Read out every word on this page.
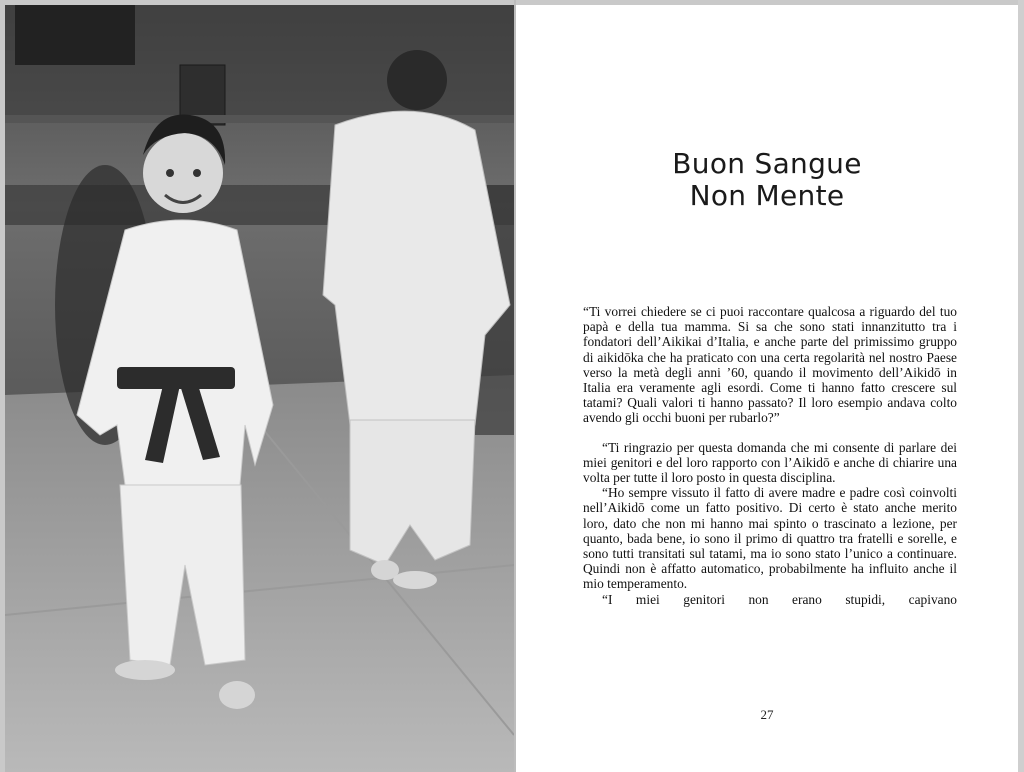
Buon Sangue
Non Mente

“Ti vorrei chiedere se ci puoi raccontare qualcosa a riguardo del tuo papà e della tua mamma. Si sa che sono stati innanzitutto tra i fondatori dell’Aikikai d’Italia, e anche parte del primissimo gruppo di aikidōka che ha praticato con una certa regolarità nel nostro Paese verso la metà degli anni ’60, quando il movimento dell’Aikidō in Italia era veramente agli esordi. Come ti hanno fatto crescere sul tatami? Quali valori ti hanno passato? Il loro esempio andava colto avendo gli occhi buoni per rubarlo?”

“Ti ringrazio per questa domanda che mi consente di parlare dei miei genitori e del loro rapporto con l’Aikidō e anche di chiarire una volta per tutte il loro posto in questa disciplina.

“Ho sempre vissuto il fatto di avere madre e padre così coinvolti nell’Aikidō come un fatto positivo. Di certo è stato anche merito loro, dato che non mi hanno mai spinto o trascinato a lezione, per quanto, bada bene, io sono il primo di quattro tra fratelli e sorelle, e sono tutti transitati sul tatami, ma io sono stato l’unico a continuare. Quindi non è affatto automatico, probabilmente ha influito anche il mio temperamento.

“I miei genitori non erano stupidi, capivano

27
